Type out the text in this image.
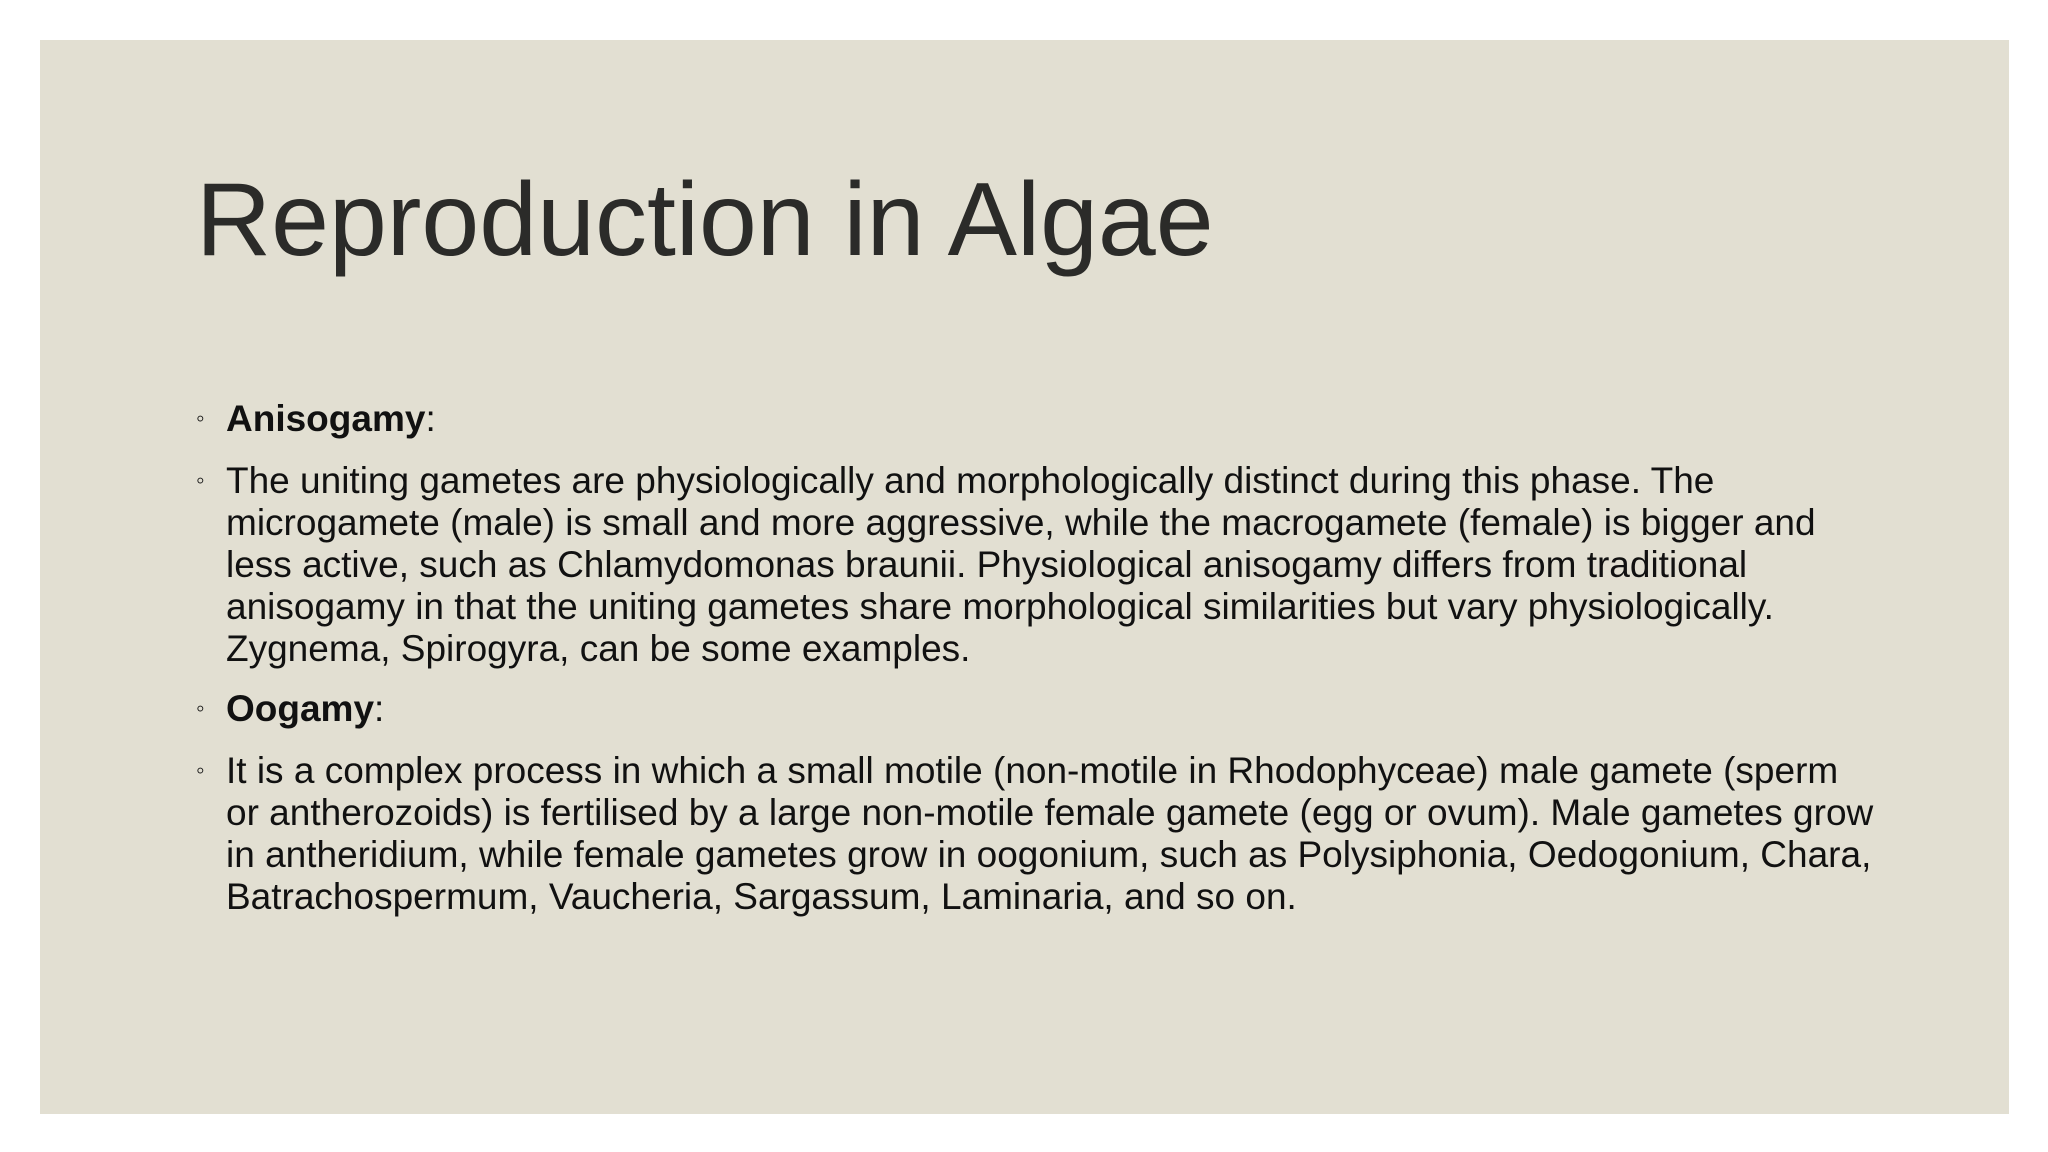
Reproduction in Algae
◦ Anisogamy:
◦ The uniting gametes are physiologically and morphologically distinct during this phase. The microgamete (male) is small and more aggressive, while the macrogamete (female) is bigger and less active, such as Chlamydomonas braunii. Physiological anisogamy differs from traditional anisogamy in that the uniting gametes share morphological similarities but vary physiologically. Zygnema, Spirogyra, can be some examples.
◦ Oogamy:
◦ It is a complex process in which a small motile (non-motile in Rhodophyceae) male gamete (sperm or antherozoids) is fertilised by a large non-motile female gamete (egg or ovum). Male gametes grow in antheridium, while female gametes grow in oogonium, such as Polysiphonia, Oedogonium, Chara, Batrachospermum, Vaucheria, Sargassum, Laminaria, and so on.
